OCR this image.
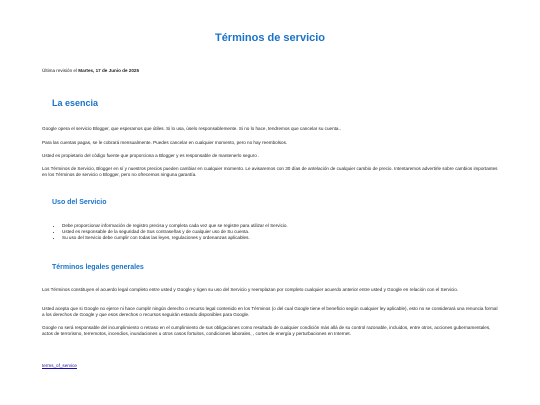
Términos de servicio

Última revisión el Martes, 17 de Junio de 2025

La esencia

Google opera el servicio Blogger, que esperamos que útiles. Si lo usa, úselo responsablemente. Si no lo hace, tendremos que cancelar su cuenta..

Para las cuentas pagas, se le cobrará mensualmente. Puedes cancelar en cualquier momento, pero no hay reembolsos.

Usted es propietario del código fuente que proporciona a Blogger y es responsable de mantenerlo seguro .

Los Términos de Servicio, Blogger en sí y nuestros precios pueden cambiar en cualquier momento. Le avisaremos con 30 días de antelación de cualquier cambio de precio. Intentaremos advertirle sobre cambios importantes en los Términos de servicio o Blogger, pero no ofrecemos ninguna garantía.

Uso del Servicio
• Debe proporcionar información de registro precisa y completa cada vez que se registre para utilizar el Servicio.
• Usted es responsable de la seguridad de Sus contraseñas y de cualquier uso de Su cuenta.
• Su uso del Servicio debe cumplir con todas las leyes, regulaciones y ordenanzas aplicables.
Términos legales generales

Los Términos constituyen el acuerdo legal completo entre usted y Google y rigen su uso del Servicio y reemplazan por completo cualquier acuerdo anterior entre usted y Google en relación con el Servicio.

Usted acepta que si Google no ejerce ni hace cumplir ningún derecho o recurso legal contenido en los Términos (o del cual Google tiene el beneficio según cualquier ley aplicable), esto no se considerará una renuncia formal a los derechos de Google y que esos derechos o recursos seguirán estando disponibles para Google.

Google no será responsable del incumplimiento o retraso en el cumplimiento de sus obligaciones como resultado de cualquier condición más allá de su control razonable, incluidos, entre otros, acciones gubernamentales, actos de terrorismo, terremotos, incendios, inundaciones u otros casos fortuitos, condiciones laborales, , cortes de energía y perturbaciones en Internet.

terms_of_service
